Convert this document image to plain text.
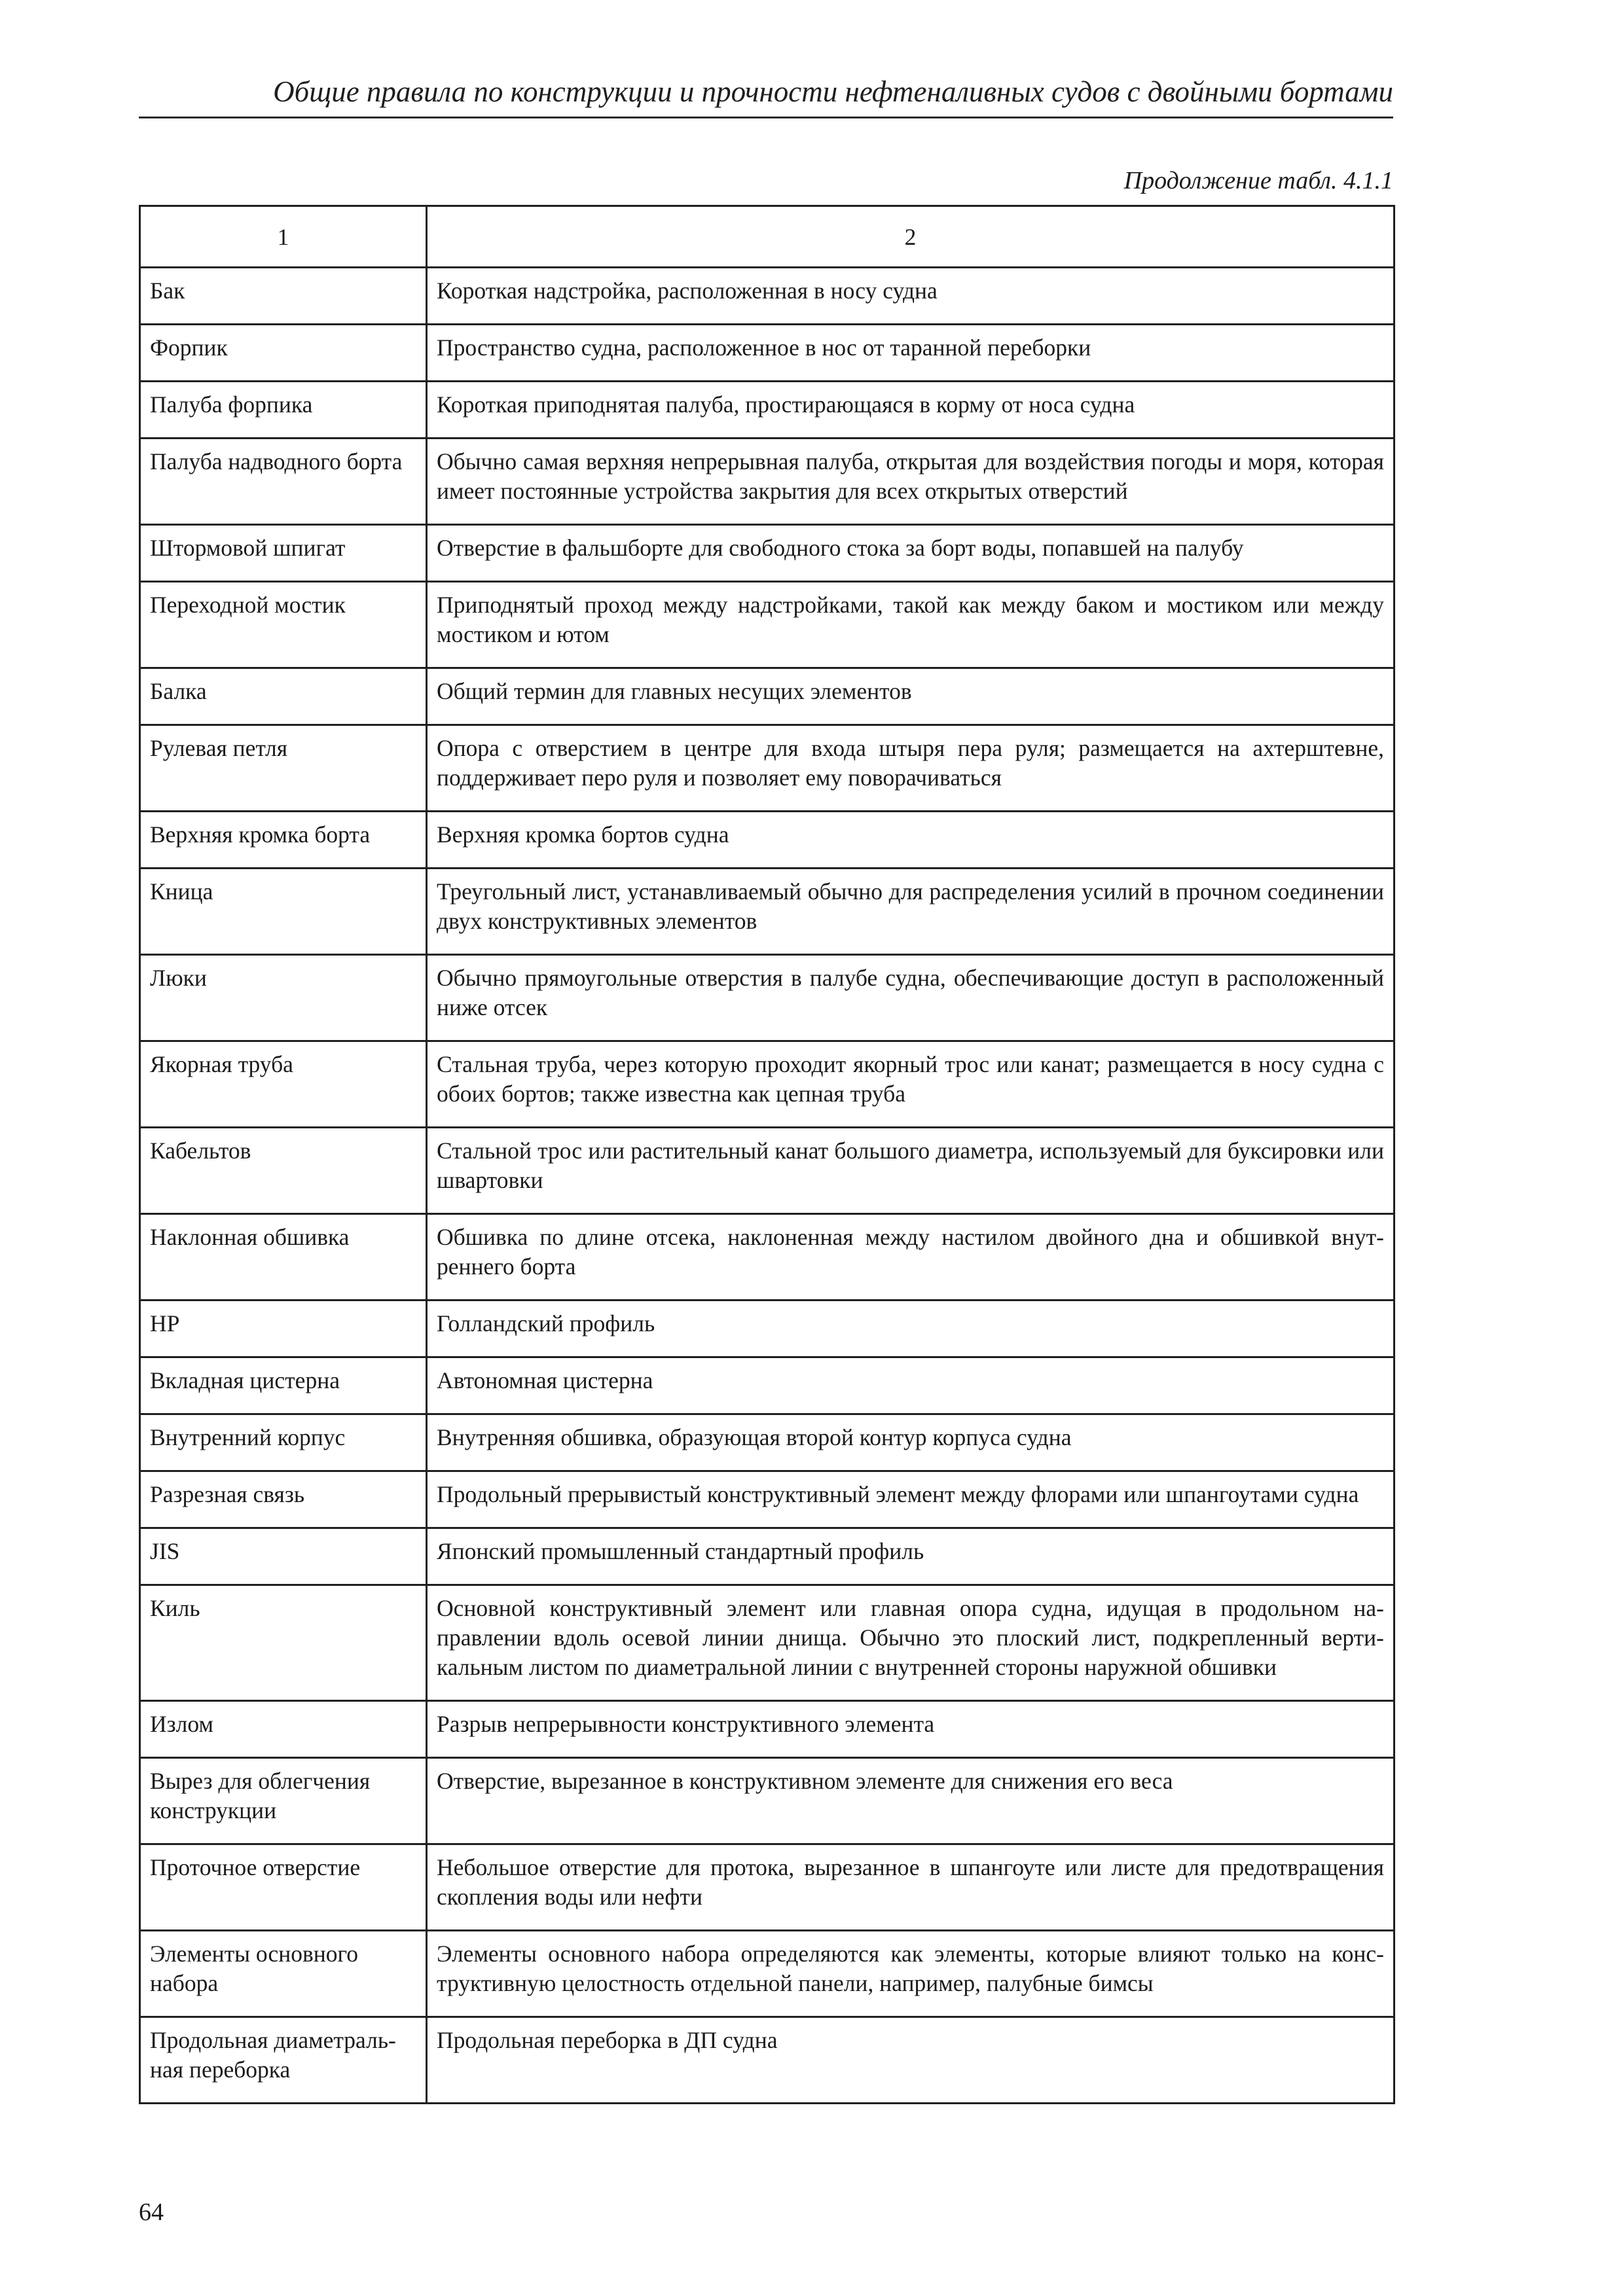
Общие правила по конструкции и прочности нефтеналивных судов с двойными бортами
Продолжение табл. 4.1.1
1	2
Бак	Короткая надстройка, расположенная в носу судна
Форпик	Пространство судна, расположенное в нос от таранной переборки
Палуба форпика	Короткая приподнятая палуба, простирающаяся в корму от носа судна
Палуба надводного борта	Обычно самая верхняя непрерывная палуба, открытая для воздействия погоды и моря, которая имеет постоянные устройства закрытия для всех открытых отверстий
Штормовой шпигат	Отверстие в фальшборте для свободного стока за борт воды, попавшей на палубу
Переходной мостик	Приподнятый проход между надстройками, такой как между баком и мостиком или между мостиком и ютом
Балка	Общий термин для главных несущих элементов
Рулевая петля	Опора с отверстием в центре для входа штыря пера руля; размещается на ахтерштевне, поддерживает перо руля и позволяет ему поворачиваться
Верхняя кромка борта	Верхняя кромка бортов судна
Кница	Треугольный лист, устанавливаемый обычно для распределения усилий в прочном соединении двух конструктивных элементов
Люки	Обычно прямоугольные отверстия в палубе судна, обеспечивающие доступ в расположенный ниже отсек
Якорная труба	Стальная труба, через которую проходит якорный трос или канат; размещается в носу судна с обоих бортов; также известна как цепная труба
Кабельтов	Стальной трос или растительный канат большого диаметра, используемый для буксировки или швартовки
Наклонная обшивка	Обшивка по длине отсека, наклоненная между настилом двойного дна и обшивкой внутреннего борта
HP	Голландский профиль
Вкладная цистерна	Автономная цистерна
Внутренний корпус	Внутренняя обшивка, образующая второй контур корпуса судна
Разрезная связь	Продольный прерывистый конструктивный элемент между флорами или шпангоутами судна
JIS	Японский промышленный стандартный профиль
Киль	Основной конструктивный элемент или главная опора судна, идущая в продольном направлении вдоль осевой линии днища. Обычно это плоский лист, подкрепленный вертикальным листом по диаметральной линии с внутренней стороны наружной обшивки
Излом	Разрыв непрерывности конструктивного элемента
Вырез для облегчения конструкции	Отверстие, вырезанное в конструктивном элементе для снижения его веса
Проточное отверстие	Небольшое отверстие для протока, вырезанное в шпангоуте или листе для предотвращения скопления воды или нефти
Элементы основного набора	Элементы основного набора определяются как элементы, которые влияют только на конструктивную целостность отдельной панели, например, палубные бимсы
Продольная диаметральная переборка	Продольная переборка в ДП судна
64
